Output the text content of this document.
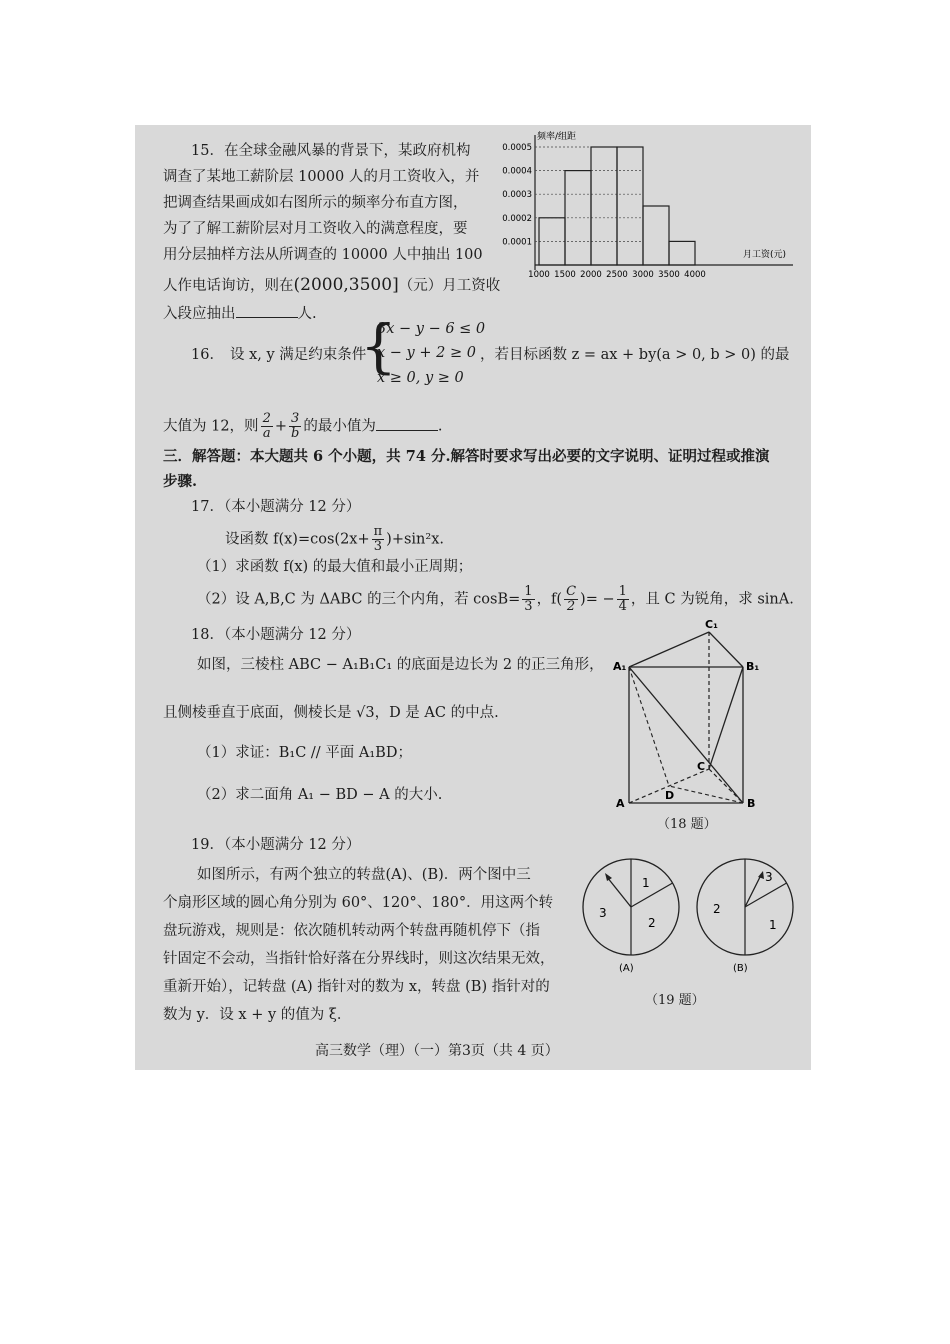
15．在全球金融风暴的背景下，某政府机构
调查了某地工薪阶层 10000 人的月工资收入，并
把调查结果画成如右图所示的频率分布直方图，
为了了解工薪阶层对月工资收入的满意程度，要
用分层抽样方法从所调查的 10000 人中抽出 100
人作电话询访，则在(2000,3500]（元）月工资收
入段应抽出	人.
频率/组距
月工资(元)
0.0005
0.0004
0.0003
0.0002
0.0001
1000 1500 2000 2500 3000 3500 4000
16． 设 x, y 满足约束条件
{
3x − y − 6 ≤ 0
x − y + 2 ≥ 0
x ≥ 0, y ≥ 0
，若目标函数 z = ax + by(a > 0, b > 0) 的最
大值为 12，则 $\frac{2}{a} + \frac{3}{b}$ 的最小值为	.
三．解答题：本大题共 6 个小题，共 74 分.解答时要求写出必要的文字说明、证明过程或推演
步骤.
17．（本小题满分 12 分）
设函数 $f(x)=\cos(2x+ \frac{\pi}{3} )+\sin^2x$.
（1）求函数 f(x) 的最大值和最小正周期；
（2）设 A,B,C 为 ΔABC 的三个内角，若 $\cos B= \frac{1}{3}$ ，$f( \frac{C}{2}$ )= − $\frac{1}{4}$ ，且 C 为锐角，求 sinA.
18．（本小题满分 12 分）
如图，三棱柱 ABC − A₁B₁C₁ 的底面是边长为 2 的正三角形，
且侧棱垂直于底面，侧棱长是 √3，D 是 AC 的中点.
（1）求证：B₁C // 平面 A₁BD；
（2）求二面角 A₁ − BD − A 的大小.
C₁
A₁	B₁
C
D
A	B
（18 题）
19．（本小题满分 12 分）
如图所示，有两个独立的转盘(A)、(B)．两个图中三
个扇形区域的圆心角分别为 60°、120°、180°．用这两个转
盘玩游戏，规则是：依次随机转动两个转盘再随机停下（指
针固定不会动，当指针恰好落在分界线时，则这次结果无效，
重新开始），记转盘 (A) 指针对的数为 x，转盘 (B) 指针对的
数为 y．设 x + y 的值为 ξ．
1
2
3
(A)
3
1
2
(B)
（19 题）
高三数学（理）（一）第3页（共 4 页）
